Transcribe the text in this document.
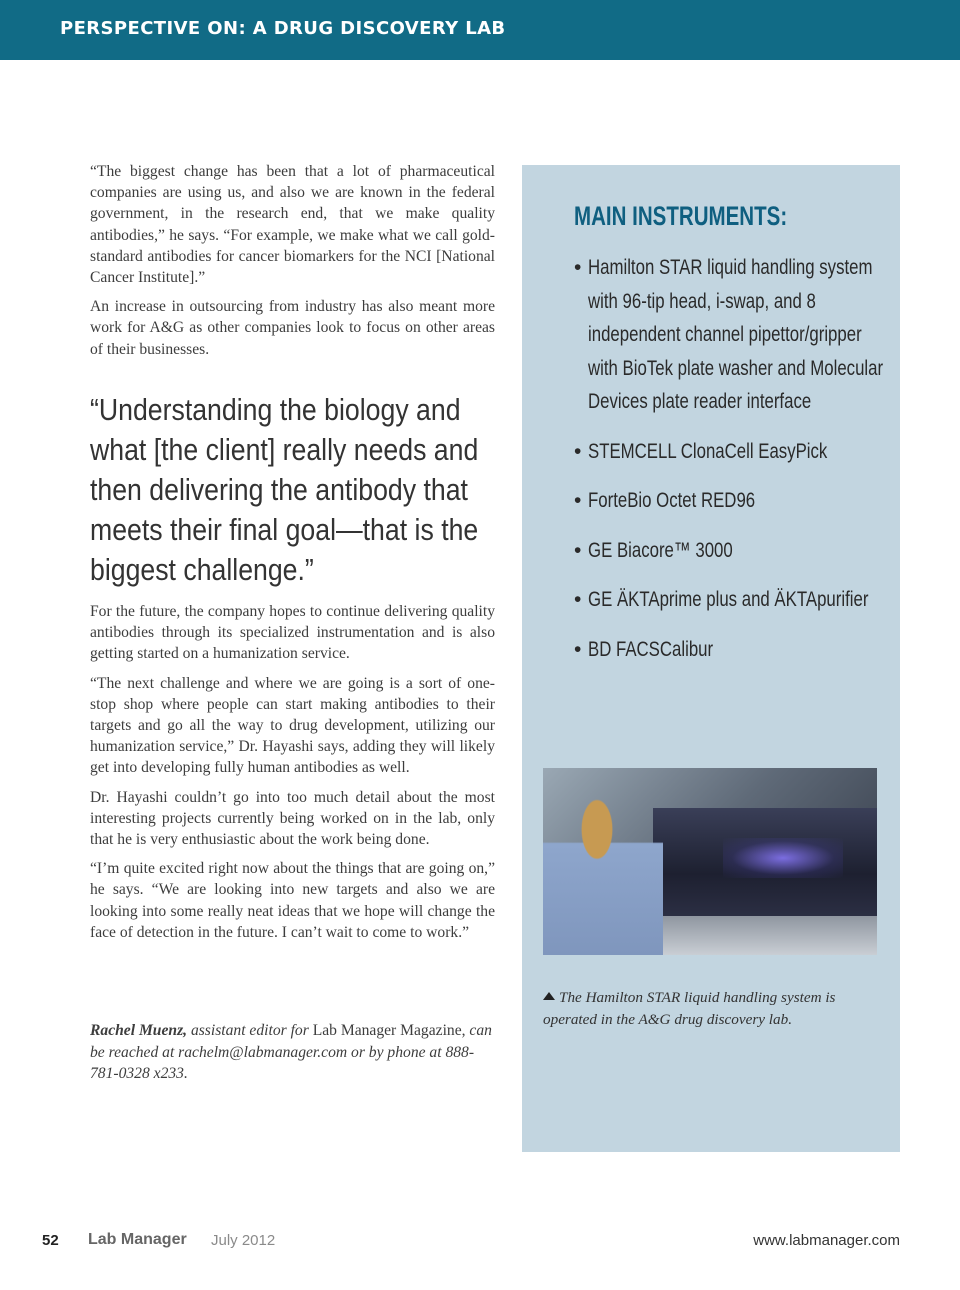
PERSPECTIVE ON: A DRUG DISCOVERY LAB

“The biggest change has been that a lot of pharmaceutical companies are using us, and also we are known in the federal government, in the research end, that we make quality antibodies,” he says. “For example, we make what we call gold-standard antibodies for cancer biomarkers for the NCI [National Cancer Institute].”

An increase in outsourcing from industry has also meant more work for A&G as other companies look to focus on other areas of their businesses.

“Understanding the biology and what [the client] really needs and then delivering the antibody that meets their final goal—that is the biggest challenge.”

For the future, the company hopes to continue delivering quality antibodies through its specialized instrumentation and is also getting started on a humanization service.

“The next challenge and where we are going is a sort of one-stop shop where people can start making antibodies to their targets and go all the way to drug development, utilizing our humanization service,” Dr. Hayashi says, adding they will likely get into developing fully human antibodies as well.

Dr. Hayashi couldn’t go into too much detail about the most interesting projects currently being worked on in the lab, only that he is very enthusiastic about the work being done.

“I’m quite excited right now about the things that are going on,” he says. “We are looking into new targets and also we are looking into some really neat ideas that we hope will change the face of detection in the future. I can’t wait to come to work.”

Rachel Muenz, assistant editor for Lab Manager Magazine, can be reached at rachelm@labmanager.com or by phone at 888-781-0328 x233.
MAIN INSTRUMENTS:
• Hamilton STAR liquid handling system with 96-tip head, i-swap, and 8 independent channel pipettor/gripper with BioTek plate washer and Molecular Devices plate reader interface
• STEMCELL ClonaCell EasyPick
• ForteBio Octet RED96
• GE Biacore™ 3000
• GE ÄKTAprime plus and ÄKTApurifier
• BD FACSCalibur

The Hamilton STAR liquid handling system is operated in the A&G drug discovery lab.

52 Lab Manager July 2012	www.labmanager.com
